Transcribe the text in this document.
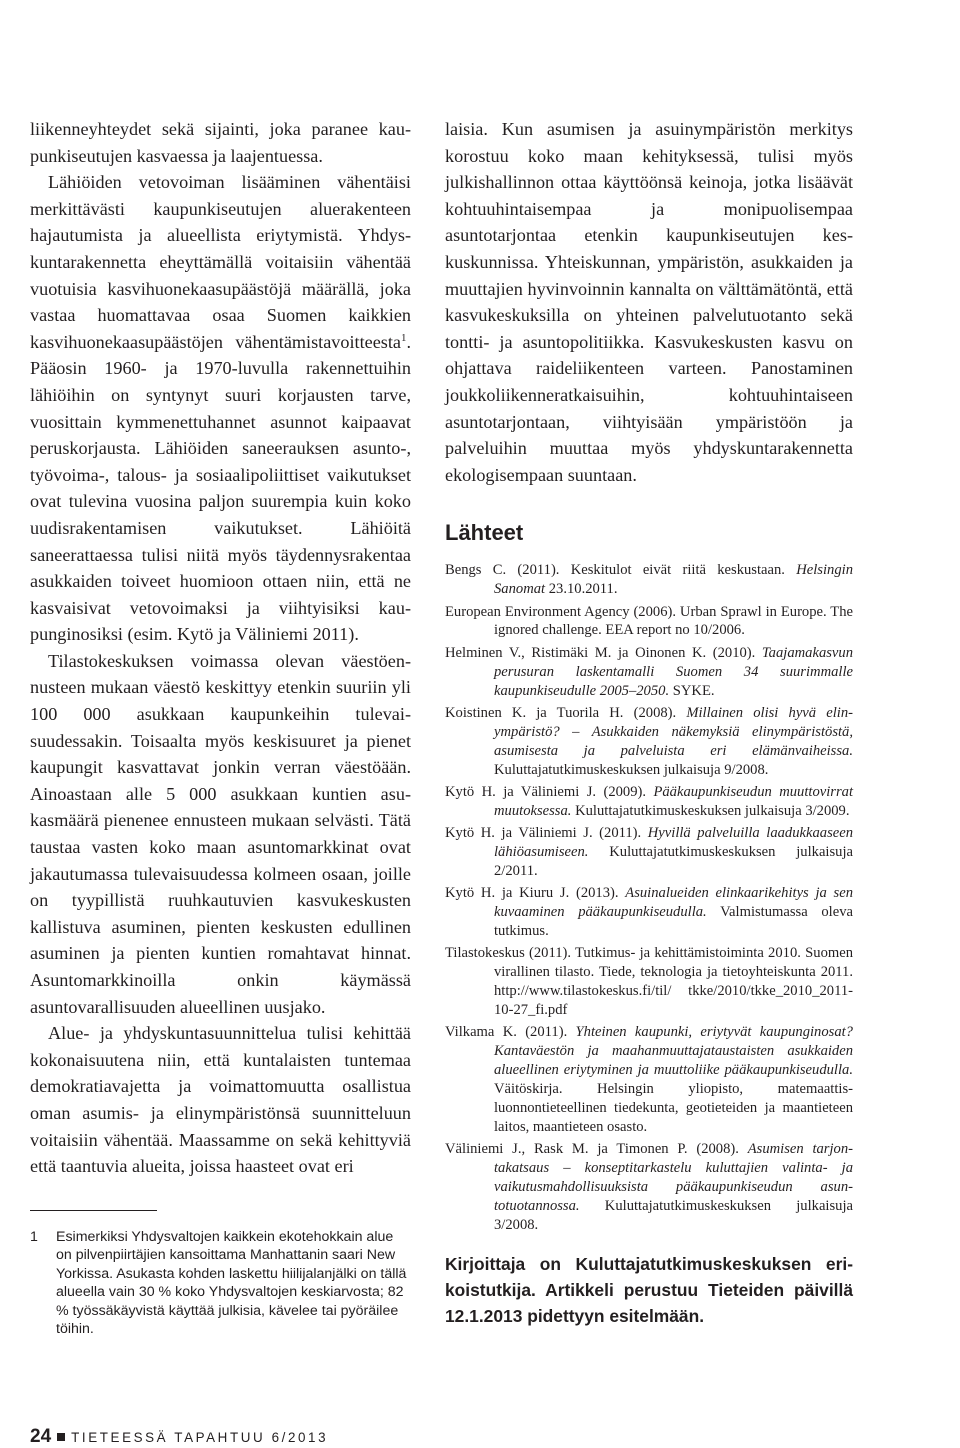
liikenneyhteydet sekä sijainti, joka paranee kaupunkiseutujen kasvaessa ja laajentuessa.

Lähiöiden vetovoiman lisääminen vähentäisi merkittävästi kaupunkiseutujen aluerakenteen hajautumista ja alueellista eriytymistä. Yhdyskuntarakennetta eheyttämällä voitaisiin vähentää vuotuisia kasvihuonekaasupäästöjä määrällä, joka vastaa huomattavaa osaa Suomen kaikkien kasvihuonekaasupäästöjen vähentämistavoitteesta$^1$. Pääosin 1960- ja 1970-luvulla rakennettuihin lähiöihin on syntynyt suuri korjausten tarve, vuosittain kymmenettuhannet asunnot kaipaavat peruskorjausta. Lähiöiden saneerauksen asunto-, työvoima-, talous- ja sosiaalipoliittiset vaikutukset ovat tulevina vuosina paljon suurempia kuin koko uudisrakentamisen vaikutukset. Lähiöitä saneerattaessa tulisi niitä myös täydennysrakentaa asukkaiden toiveet huomioon ottaen niin, että ne kasvaisivat vetovoimaksi ja viihtyisiksi kaupunginosiksi (esim. Kytö ja Väliniemi 2011).

Tilastokeskuksen voimassa olevan väestöennusteen mukaan väestö keskittyy etenkin suuriin yli 100 000 asukkaan kaupunkeihin tulevaisuudessakin. Toisaalta myös keskisuuret ja pienet kaupungit kasvattavat jonkin verran väestöään. Ainoastaan alle 5 000 asukkaan kuntien asukasmäärä pienenee ennusteen mukaan selvästi. Tätä taustaa vasten koko maan asuntomarkkinat ovat jakautumassa tulevaisuudessa kolmeen osaan, joille on tyypillistä ruuhkautuvien kasvukeskusten kallistuva asuminen, pienten keskusten edullinen asuminen ja pienten kuntien romahtavat hinnat. Asuntomarkkinoilla onkin käymässä asuntovarallisuuden alueellinen uusjako.

Alue- ja yhdyskuntasuunnittelua tulisi kehittää kokonaisuutena niin, että kuntalaisten tuntemaa demokratiavajetta ja voimattomuutta osallistua oman asumis- ja elinympäristönsä suunnitteluun voitaisiin vähentää. Maassamme on sekä kehittyviä että taantuvia alueita, joissa haasteet ovat eri

1 Esimerkiksi Yhdysvaltojen kaikkein ekotehokkain alue on pilvenpiirtäjien kansoittama Manhattanin saari New Yorkissa. Asukasta kohden laskettu hiilijalanjälki on tällä alueella vain 30 % koko Yhdysvaltojen keskiarvosta; 82 % työssäkäyvistä käyttää julkisia, kävelee tai pyöräilee töihin.

laisia. Kun asumisen ja asuinympäristön merkitys korostuu koko maan kehityksessä, tulisi myös julkishallinnon ottaa käyttöönsä keinoja, jotka lisäävät kohtuuhintaisempaa ja monipuolisempaa asuntotarjontaa etenkin kaupunkiseutujen keskuskunnissa. Yhteiskunnan, ympäristön, asukkaiden ja muuttajien hyvinvoinnin kannalta on välttämätöntä, että kasvukeskuksilla on yhteinen palvelutuotanto sekä tontti- ja asuntopolitiikka. Kasvukeskusten kasvu on ohjattava raideliikenteen varteen. Panostaminen joukkoliikenneratkaisuihin, kohtuuhintaiseen asuntotarjontaan, viihtyisään ympäristöön ja palveluihin muuttaa myös yhdyskuntarakennetta ekologisempaan suuntaan.

Lähteet

Bengs C. (2011). Keskitulot eivät riitä keskustaan. Helsingin Sanomat 23.10.2011.

European Environment Agency (2006). Urban Sprawl in Europe. The ignored challenge. EEA report no 10/2006.

Helminen V., Ristimäki M. ja Oinonen K. (2010). Taajamakasvun perusuran laskentamalli Suomen 34 suurimmalle kaupunkiseudulle 2005–2050. SYKE.

Koistinen K. ja Tuorila H. (2008). Millainen olisi hyvä elinympäristö? – Asukkaiden näkemyksiä elinympäristöstä, asumisesta ja palveluista eri elämänvaiheissa. Kuluttajatutkimuskeskuksen julkaisuja 9/2008.

Kytö H. ja Väliniemi J. (2009). Pääkaupunkiseudun muuttovirrat muutoksessa. Kuluttajatutkimuskeskuksen julkaisuja 3/2009.

Kytö H. ja Väliniemi J. (2011). Hyvillä palveluilla laadukkaaseen lähiöasumiseen. Kuluttajatutkimuskeskuksen julkaisuja 2/2011.

Kytö H. ja Kiuru J. (2013). Asuinalueiden elinkaarikehitys ja sen kuvaaminen pääkaupunkiseudulla. Valmistumassa oleva tutkimus.

Tilastokeskus (2011). Tutkimus- ja kehittämistoiminta 2010. Suomen virallinen tilasto. Tiede, teknologia ja tietoyhteiskunta 2011. http://www.tilastokeskus.fi/til/ tkke/2010/tkke_2010_2011-10-27_fi.pdf

Vilkama K. (2011). Yhteinen kaupunki, eriytyvät kaupunginosat? Kantaväestön ja maahanmuuttajataustaisten asukkaiden alueellinen eriytyminen ja muuttoliike pääkaupunkiseudulla. Väitöskirja. Helsingin yliopisto, matemaattis-luonnontieteellinen tiedekunta, geotieteiden ja maantieteen laitos, maantieteen osasto.

Väliniemi J., Rask M. ja Timonen P. (2008). Asumisen tarjontakatsaus – konseptitarkastelu kuluttajien valinta- ja vaikutusmahdollisuuksista pääkaupunkiseudun asuntotuotannossa. Kuluttajatutkimuskeskuksen julkaisuja 3/2008.

Kirjoittaja on Kuluttajatutkimuskeskuksen erikoistutkija. Artikkeli perustuu Tieteiden päivillä 12.1.2013 pidettyyn esitelmään.
24 TIETEESSÄ TAPAHTUU 6/2013
